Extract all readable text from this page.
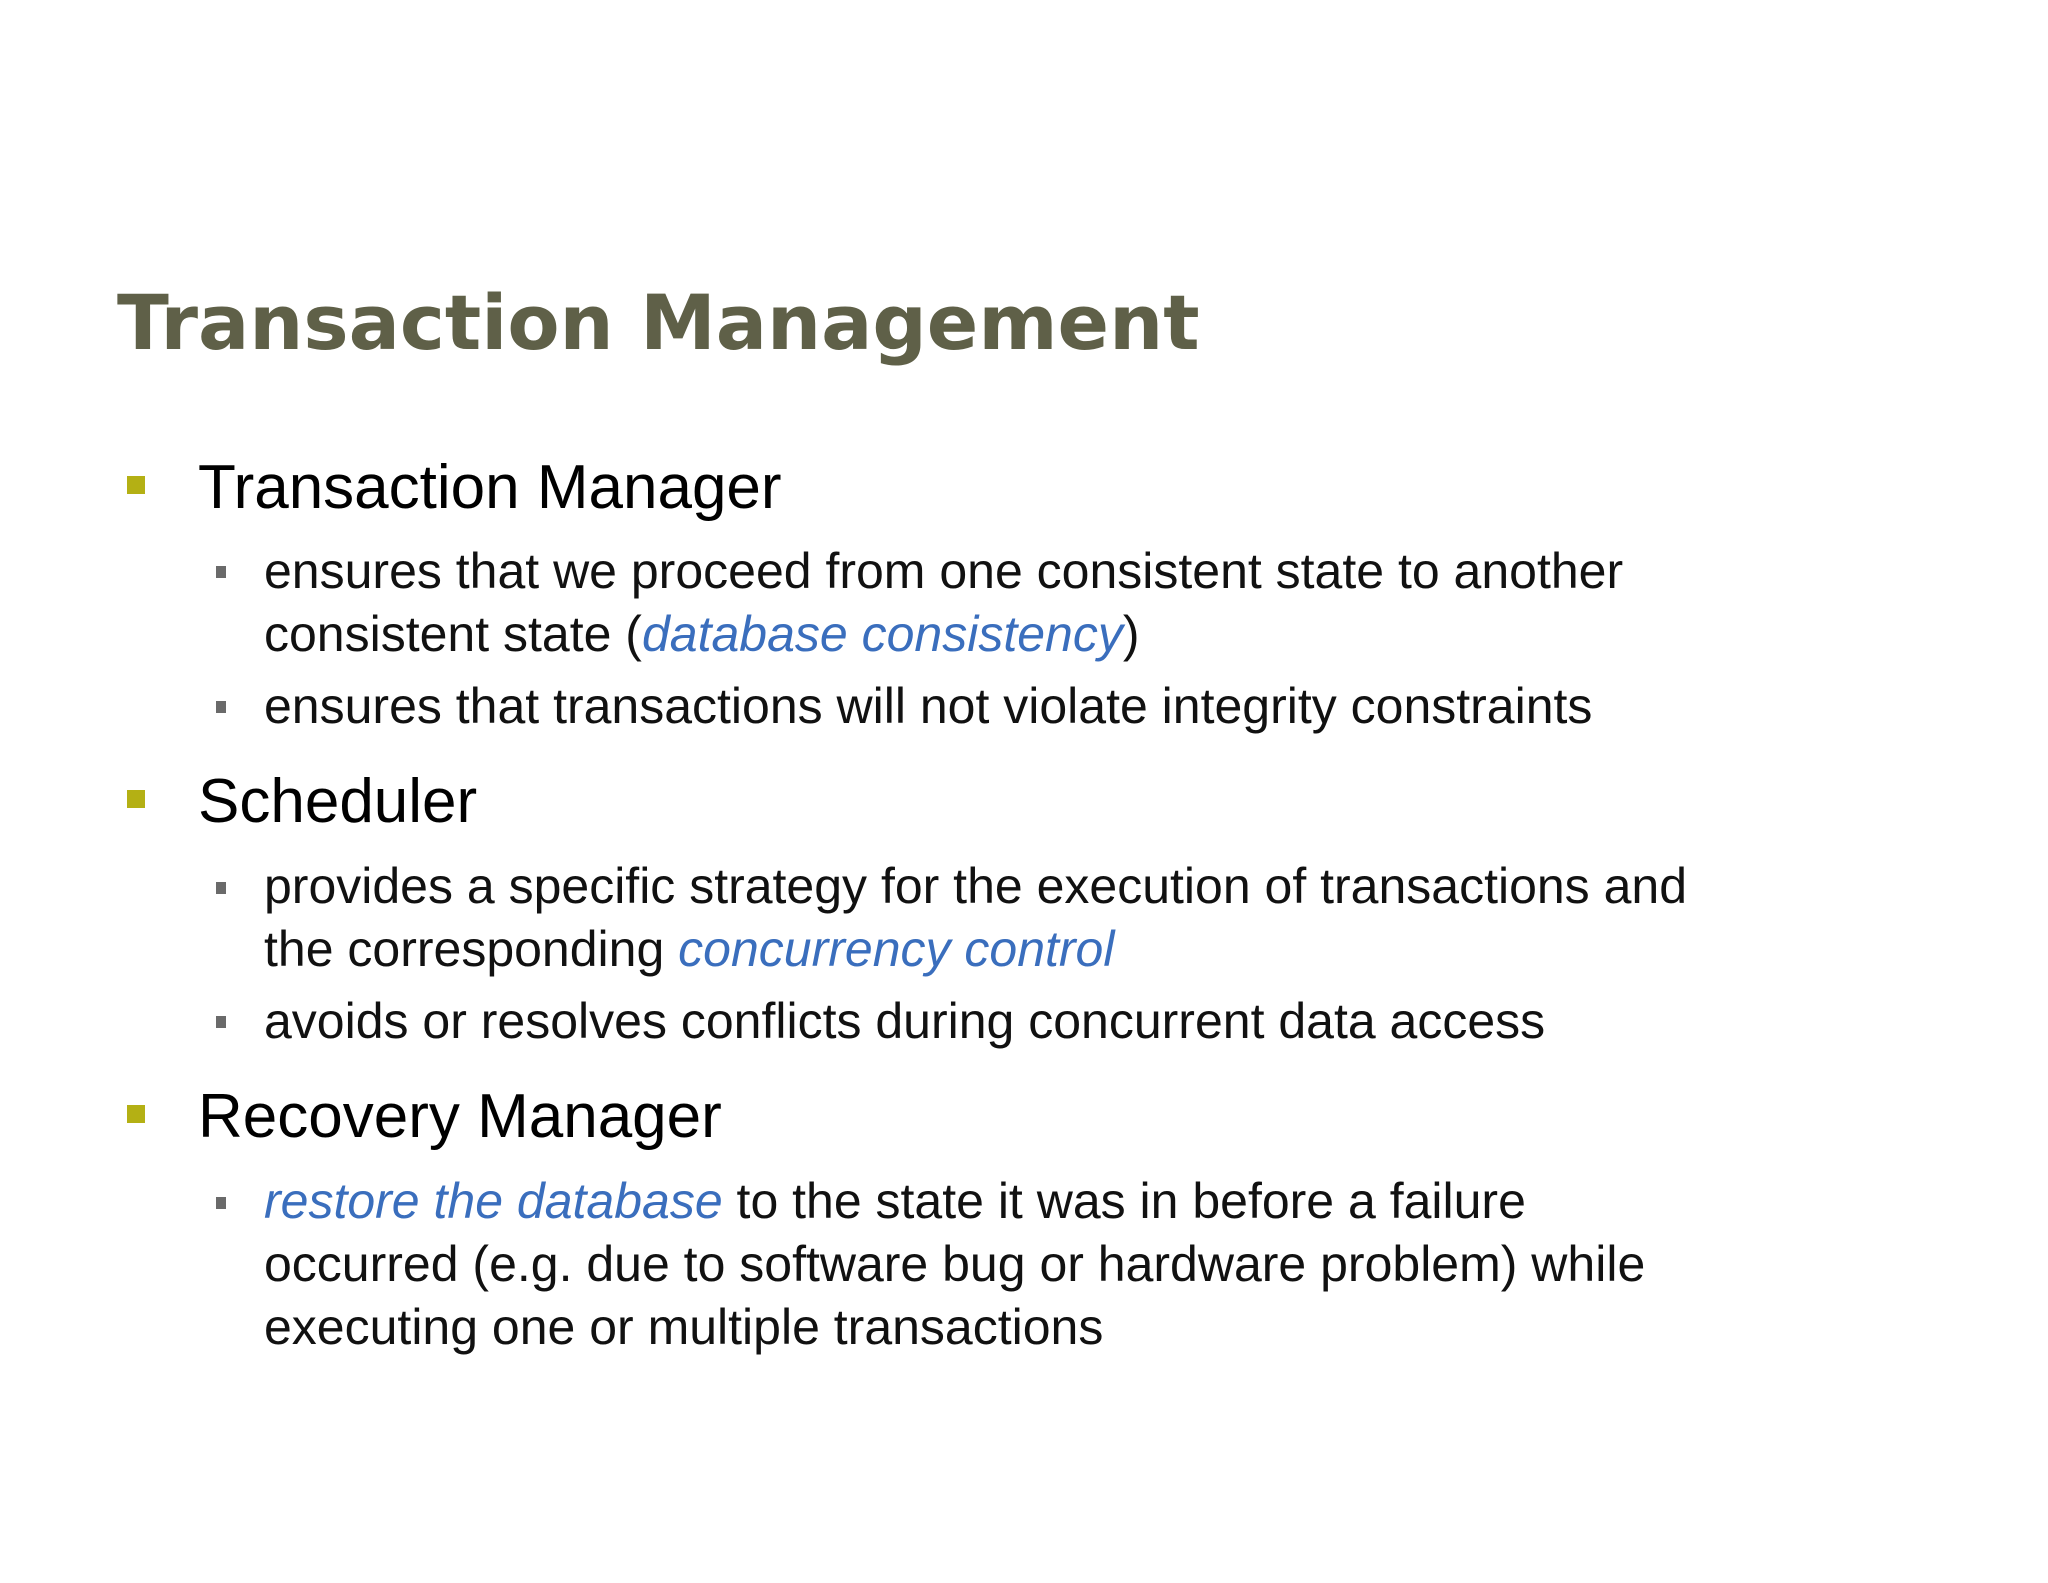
Transaction Management

Transaction Manager

ensures that we proceed from one consistent state to another
consistent state (database consistency)

ensures that transactions will not violate integrity constraints

Scheduler

provides a specific strategy for the execution of transactions and
the corresponding concurrency control

avoids or resolves conflicts during concurrent data access

Recovery Manager

restore the database to the state it was in before a failure
occurred (e.g. due to software bug or hardware problem) while
executing one or multiple transactions
